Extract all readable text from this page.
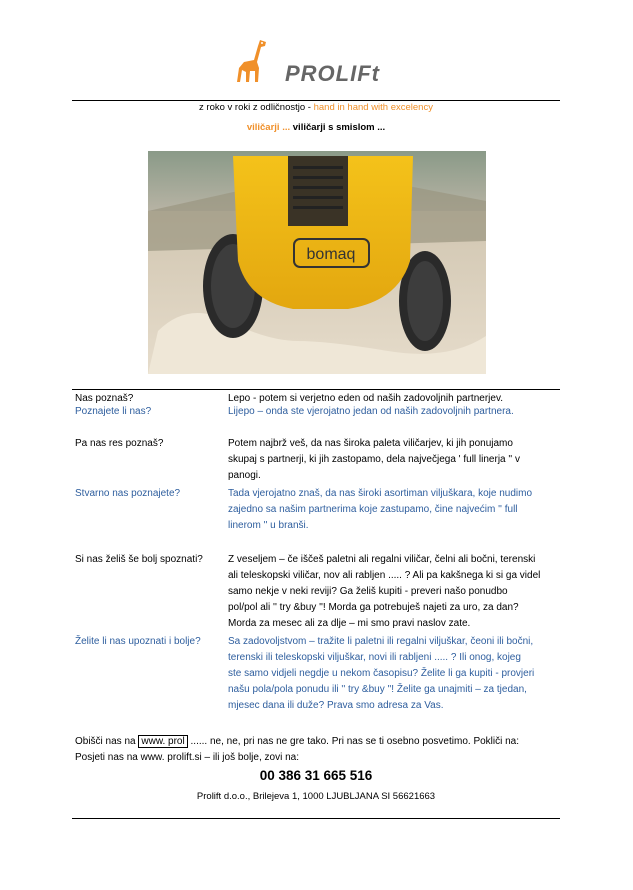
PROLIFt
z roko v roki z odličnostjo - hand in hand with excelency
viličarji ... viličarji s smislom ...
bomaq
Nas poznaš?	Lepo - potem si verjetno eden od naših zadovoljnih partnerjev.
Poznajete li nas?	Lijepo – onda ste vjerojatno jedan od naših zadovoljnih partnera.
Pa nas res poznaš?	Potem najbrž veš, da nas široka paleta viličarjev, ki jih ponujamo
skupaj s partnerji, ki jih zastopamo, dela največjega ' full linerja '' v
panogi.
Stvarno nas poznajete?	Tada vjerojatno znaš, da nas široki asortiman viljuškara, koje nudimo
zajedno sa našim partnerima koje zastupamo, čine najvećim '' full
linerom '' u branši.
Si nas želiš še bolj spoznati?	Z veseljem – če iščeš paletni ali regalni viličar, čelni ali bočni, terenski
ali teleskopski viličar, nov ali rabljen ..... ? Ali pa kakšnega ki si ga videl
samo nekje v neki reviji? Ga želiš kupiti - preveri našo ponudbo
pol/pol ali '' try &buy ''! Morda ga potrebuješ najeti za uro, za dan?
Morda za mesec ali za dlje – mi smo pravi naslov zate.
Želite li nas upoznati i bolje?	Sa zadovoljstvom – tražite li paletni ili regalni viljuškar, čeoni ili bočni,
terenski ili teleskopski viljuškar, novi ili rabljeni ..... ? Ili onog, kojeg
ste samo vidjeli negdje u nekom časopisu? Želite li ga kupiti - provjeri
našu pola/pola ponudu ili '' try &buy ''! Želite ga unajmiti – za tjedan,
mjesec dana ili duže? Prava smo adresa za Vas.
Obišči nas na www. prol ...... ne, ne, pri nas ne gre tako. Pri nas se ti osebno posvetimo. Pokliči na:
Posjeti nas na www. prolift.si – ili još bolje, zovi na:
00 386 31 665 516
Prolift d.o.o., Brilejeva 1, 1000 LJUBLJANA SI 56621663
